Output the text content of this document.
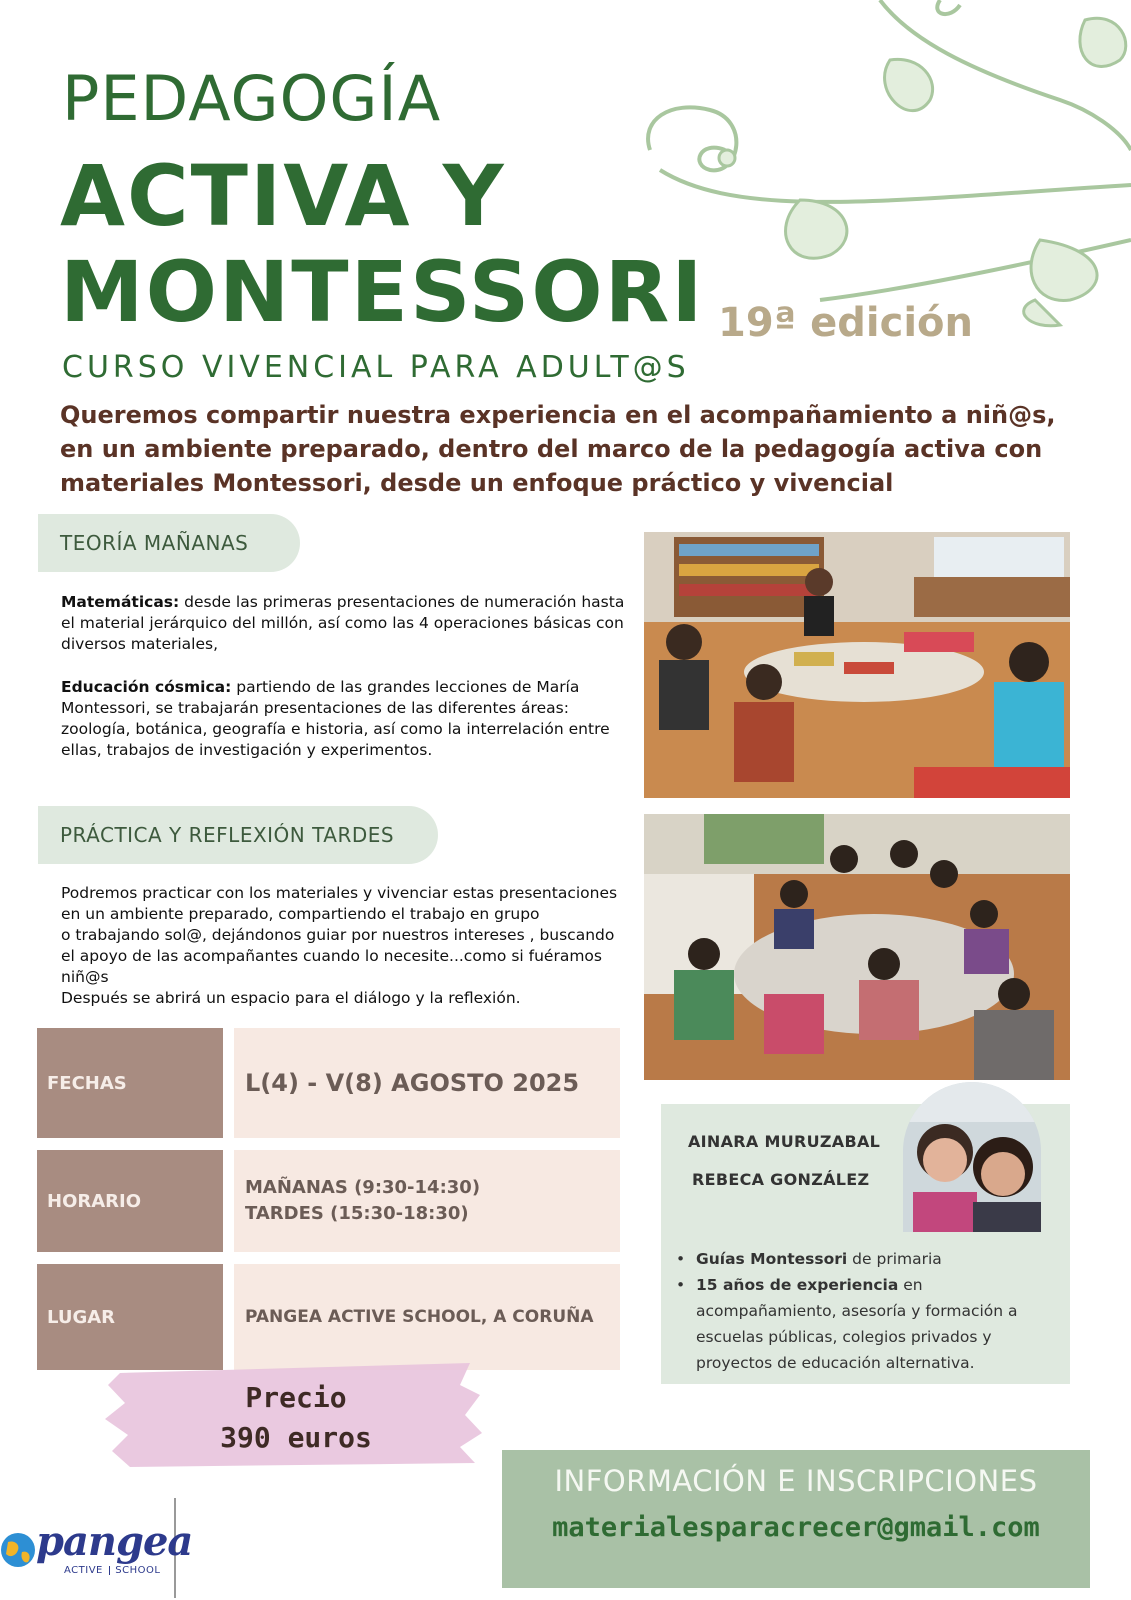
PEDAGOGÍA
ACTIVA Y
MONTESSORI 19ª edición
CURSO VIVENCIAL PARA ADULT@S
Queremos compartir nuestra experiencia en el acompañamiento a niñ@s, en un ambiente preparado, dentro del marco de la pedagogía activa con materiales Montessori, desde un enfoque práctico y vivencial
TEORÍA MAÑANAS
Matemáticas: desde las primeras presentaciones de numeración hasta el material jerárquico del millón, así como las 4 operaciones básicas con diversos materiales,
Educación cósmica: partiendo de las grandes lecciones de María Montessori, se trabajarán presentaciones de las diferentes áreas: zoología, botánica, geografía e historia, así como la interrelación entre ellas, trabajos de investigación y experimentos.
PRÁCTICA Y REFLEXIÓN TARDES
Podremos practicar con los materiales y vivenciar estas presentaciones en un ambiente preparado, compartiendo el trabajo en grupo
o trabajando sol@, dejándonos guiar por nuestros intereses , buscando el apoyo de las acompañantes cuando lo necesite...como si fuéramos niñ@s
Después se abrirá un espacio para el diálogo y la reflexión.
FECHAS	L(4) - V(8) AGOSTO 2025
HORARIO
MAÑANAS (9:30-14:30)
TARDES (15:30-18:30)
LUGAR	PANGEA ACTIVE SCHOOL, A CORUÑA
Precio
390 euros
AINARA MURUZABAL
REBECA GONZÁLEZ
• Guías Montessori de primaria
• 15 años de experiencia en acompañamiento, asesoría y formación a escuelas públicas, colegios privados y proyectos de educación alternativa.
INFORMACIÓN E INSCRIPCIONES
materialesparacrecer@gmail.com
pangea
ACTIVE SCHOOL
